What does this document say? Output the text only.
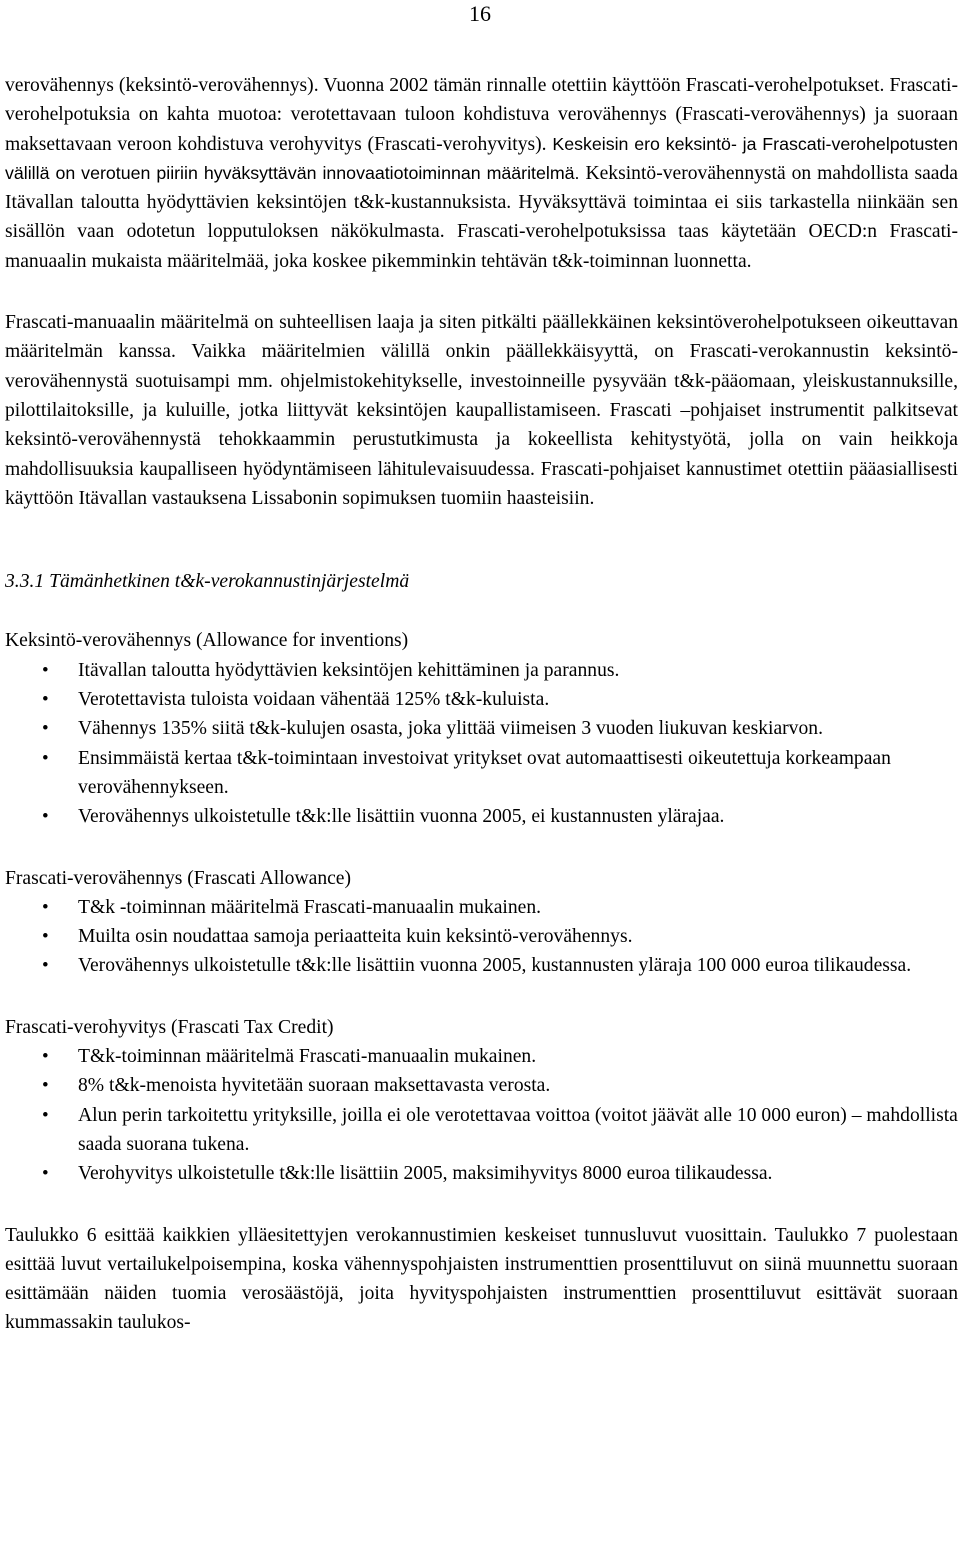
16

verovähennys (keksintö-verovähennys). Vuonna 2002 tämän rinnalle otettiin käyttöön Frascati-verohelpotukset. Frascati-verohelpotuksia on kahta muotoa: verotettavaan tuloon kohdistuva verovähennys (Frascati-verovähennys) ja suoraan maksettavaan veroon kohdistuva verohyvitys (Frascati-verohyvitys). Keskeisin ero keksintö- ja Frascati-verohelpotusten välillä on verotuen piiriin hyväksyttävän innovaatiotoiminnan määritelmä. Keksintö-verovähennystä on mahdollista saada Itävallan taloutta hyödyttävien keksintöjen t&k-kustannuksista. Hyväksyttävä toimintaa ei siis tarkastella niinkään sen sisällön vaan odotetun lopputuloksen näkökulmasta. Frascati-verohelpotuksissa taas käytetään OECD:n Frascati-manuaalin mukaista määritelmää, joka koskee pikemminkin tehtävän t&k-toiminnan luonnetta.

Frascati-manuaalin määritelmä on suhteellisen laaja ja siten pitkälti päällekkäinen keksintöverohelpotukseen oikeuttavan määritelmän kanssa. Vaikka määritelmien välillä onkin päällekkäisyyttä, on Frascati-verokannustin keksintö-verovähennystä suotuisampi mm. ohjelmistokehitykselle, investoinneille pysyvään t&k-pääomaan, yleiskustannuksille, pilottilaitoksille, ja kuluille, jotka liittyvät keksintöjen kaupallistamiseen. Frascati –pohjaiset instrumentit palkitsevat keksintö-verovähennystä tehokkaammin perustutkimusta ja kokeellista kehitystyötä, jolla on vain heikkoja mahdollisuuksia kaupalliseen hyödyntämiseen lähitulevaisuudessa. Frascati-pohjaiset kannustimet otettiin pääasiallisesti käyttöön Itävallan vastauksena Lissabonin sopimuksen tuomiin haasteisiin.

3.3.1 Tämänhetkinen t&k-verokannustinjärjestelmä
Keksintö-verovähennys (Allowance for inventions)
• Itävallan taloutta hyödyttävien keksintöjen kehittäminen ja parannus.
• Verotettavista tuloista voidaan vähentää 125% t&k-kuluista.
• Vähennys 135% siitä t&k-kulujen osasta, joka ylittää viimeisen 3 vuoden liukuvan keskiarvon.
• Ensimmäistä kertaa t&k-toimintaan investoivat yritykset ovat automaattisesti oikeutettuja korkeampaan verovähennykseen.
• Verovähennys ulkoistetulle t&k:lle lisättiin vuonna 2005, ei kustannusten ylärajaa.
Frascati-verovähennys (Frascati Allowance)
• T&k -toiminnan määritelmä Frascati-manuaalin mukainen.
• Muilta osin noudattaa samoja periaatteita kuin keksintö-verovähennys.
• Verovähennys ulkoistetulle t&k:lle lisättiin vuonna 2005, kustannusten yläraja 100 000 euroa tilikaudessa.
Frascati-verohyvitys (Frascati Tax Credit)
• T&k-toiminnan määritelmä Frascati-manuaalin mukainen.
• 8% t&k-menoista hyvitetään suoraan maksettavasta verosta.
• Alun perin tarkoitettu yrityksille, joilla ei ole verotettavaa voittoa (voitot jäävät alle 10 000 euron) – mahdollista saada suorana tukena.
• Verohyvitys ulkoistetulle t&k:lle lisättiin 2005, maksimihyvitys 8000 euroa tilikaudessa.

Taulukko 6 esittää kaikkien ylläesitettyjen verokannustimien keskeiset tunnusluvut vuosittain. Taulukko 7 puolestaan esittää luvut vertailukelpoisempina, koska vähennyspohjaisten instrumenttien prosenttiluvut on siinä muunnettu suoraan esittämään näiden tuomia verosäästöjä, joita hyvityspohjaisten instrumenttien prosenttiluvut esittävät suoraan kummassakin taulukos-
